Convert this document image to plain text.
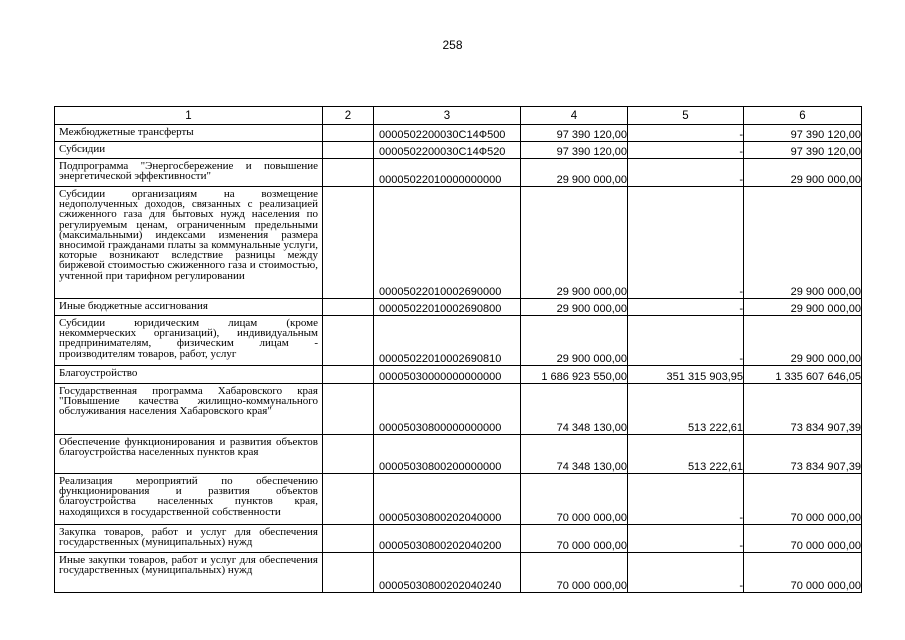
258
1	2	3	4	5	6
Межбюджетные трансферты		0000502200030С14Ф500	97 390 120,00	-	97 390 120,00
Субсидии		0000502200030С14Ф520	97 390 120,00	-	97 390 120,00
Подпрограмма "Энергосбережение и повышение энергетической эффективности"		00005022010000000000	29 900 000,00	-	29 900 000,00
Субсидии организациям на возмещение недополученных доходов, связанных с реализацией сжиженного газа для бытовых нужд населения по регулируемым ценам, ограниченным предельными (максимальными) индексами изменения размера вносимой гражданами платы за коммунальные услуги, которые возникают вследствие разницы между биржевой стоимостью сжиженного газа и стоимостью, учтенной при тарифном регулировании		00005022010002690000	29 900 000,00	-	29 900 000,00
Иные бюджетные ассигнования		00005022010002690800	29 900 000,00	-	29 900 000,00
Субсидии юридическим лицам (кроме некоммерческих организаций), индивидуальным предпринимателям, физическим лицам - производителям товаров, работ, услуг		00005022010002690810	29 900 000,00	-	29 900 000,00
Благоустройство		00005030000000000000	1 686 923 550,00	351 315 903,95	1 335 607 646,05
Государственная программа Хабаровского края "Повышение качества жилищно-коммунального обслуживания населения Хабаровского края"		00005030800000000000	74 348 130,00	513 222,61	73 834 907,39
Обеспечение функционирования и развития объектов благоустройства населенных пунктов края		00005030800200000000	74 348 130,00	513 222,61	73 834 907,39
Реализация мероприятий по обеспечению функционирования и развития объектов благоустройства населенных пунктов края, находящихся в государственной собственности		00005030800202040000	70 000 000,00	-	70 000 000,00
Закупка товаров, работ и услуг для обеспечения государственных (муниципальных) нужд		00005030800202040200	70 000 000,00	-	70 000 000,00
Иные закупки товаров, работ и услуг для обеспечения государственных (муниципальных) нужд		00005030800202040240	70 000 000,00	-	70 000 000,00
